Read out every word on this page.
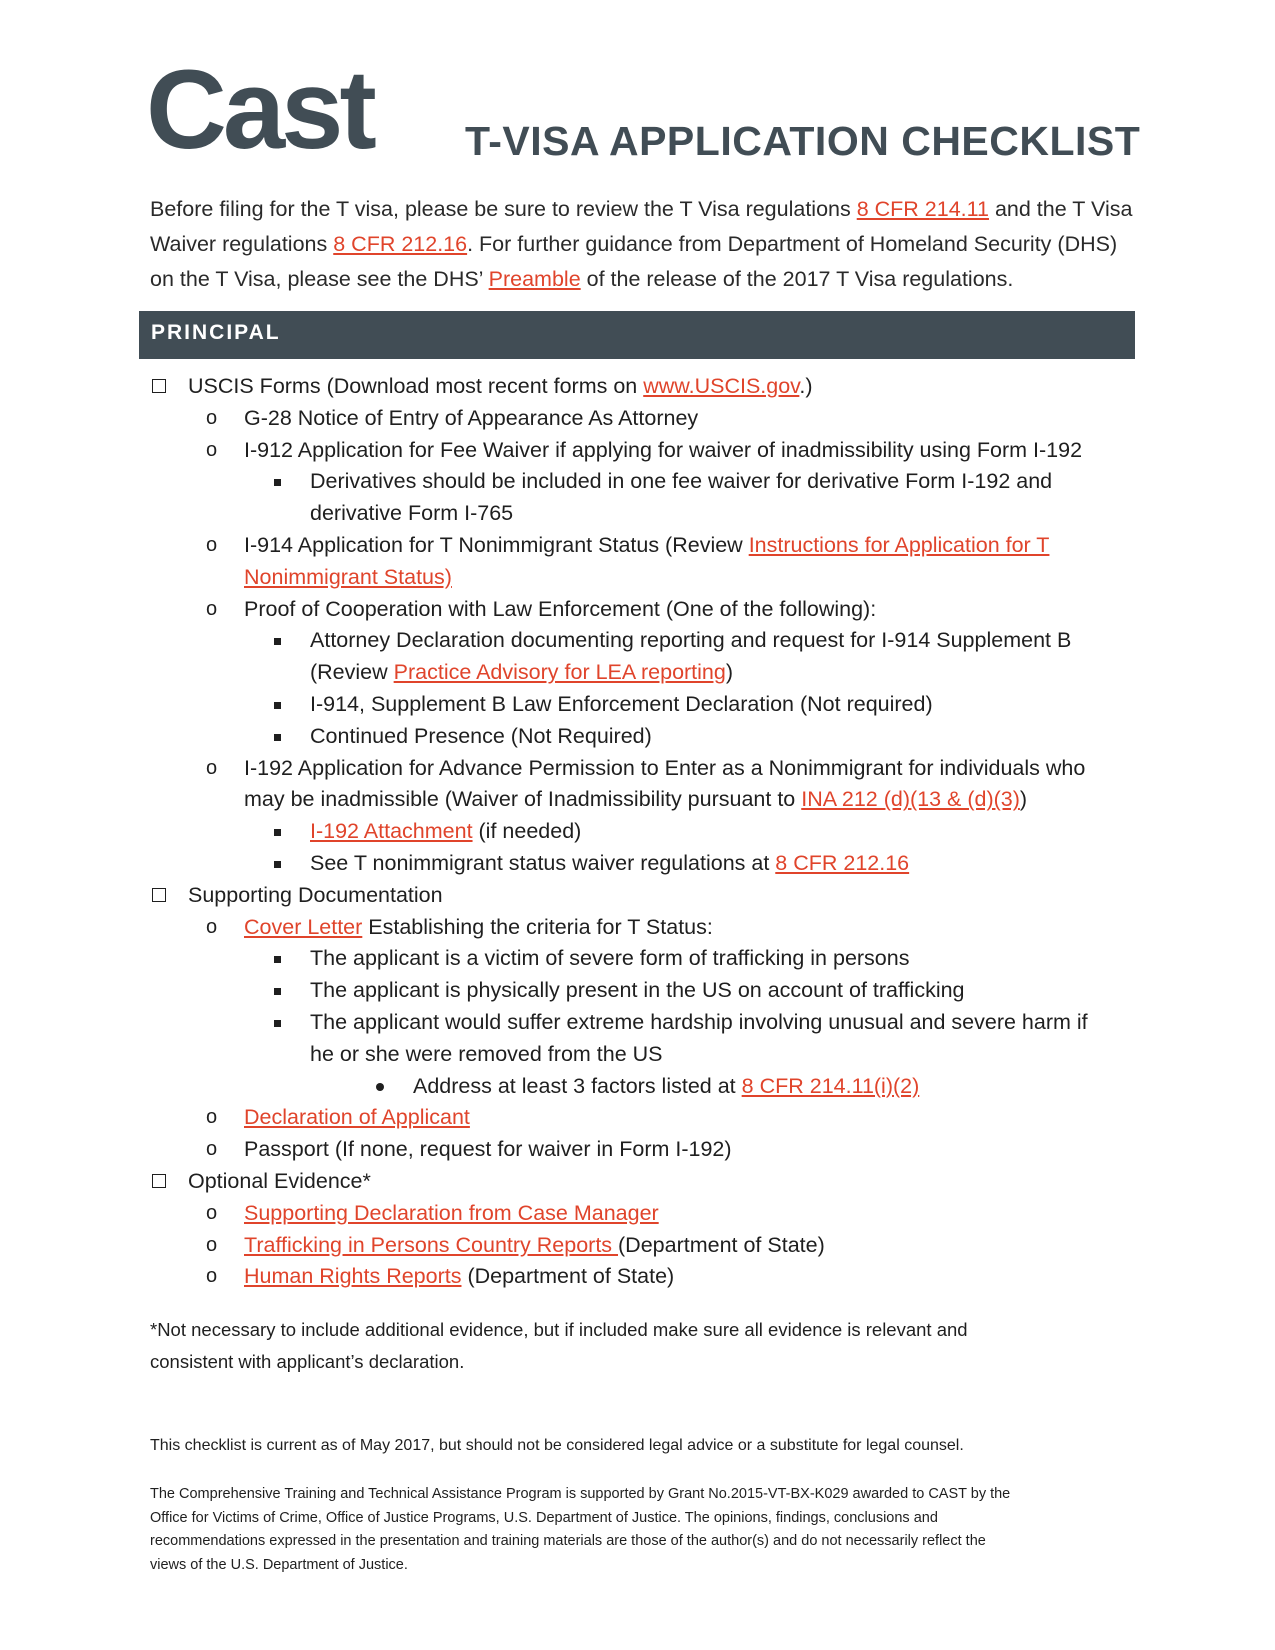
Cast T-VISA APPLICATION CHECKLIST
Before filing for the T visa, please be sure to review the T Visa regulations 8 CFR 214.11 and the T Visa Waiver regulations 8 CFR 212.16. For further guidance from Department of Homeland Security (DHS) on the T Visa, please see the DHS’ Preamble of the release of the 2017 T Visa regulations.
PRINCIPAL
USCIS Forms (Download most recent forms on www.USCIS.gov.)
o G-28 Notice of Entry of Appearance As Attorney
o I-912 Application for Fee Waiver if applying for waiver of inadmissibility using Form I-192
Derivatives should be included in one fee waiver for derivative Form I-192 and
derivative Form I-765
o I-914 Application for T Nonimmigrant Status (Review Instructions for Application for T
Nonimmigrant Status)
o Proof of Cooperation with Law Enforcement (One of the following):
Attorney Declaration documenting reporting and request for I-914 Supplement B
(Review Practice Advisory for LEA reporting)
I-914, Supplement B Law Enforcement Declaration (Not required)
Continued Presence (Not Required)
o I-192 Application for Advance Permission to Enter as a Nonimmigrant for individuals who
may be inadmissible (Waiver of Inadmissibility pursuant to INA 212 (d)(13 & (d)(3))
I-192 Attachment (if needed)
See T nonimmigrant status waiver regulations at 8 CFR 212.16
Supporting Documentation
o Cover Letter Establishing the criteria for T Status:
The applicant is a victim of severe form of trafficking in persons
The applicant is physically present in the US on account of trafficking
The applicant would suffer extreme hardship involving unusual and severe harm if
he or she were removed from the US
Address at least 3 factors listed at 8 CFR 214.11(i)(2)
o Declaration of Applicant
o Passport (If none, request for waiver in Form I-192)
Optional Evidence*
o Supporting Declaration from Case Manager
o Trafficking in Persons Country Reports (Department of State)
o Human Rights Reports (Department of State)
*Not necessary to include additional evidence, but if included make sure all evidence is relevant and
consistent with applicant’s declaration.
This checklist is current as of May 2017, but should not be considered legal advice or a substitute for legal counsel.
The Comprehensive Training and Technical Assistance Program is supported by Grant No.2015-VT-BX-K029 awarded to CAST by the
Office for Victims of Crime, Office of Justice Programs, U.S. Department of Justice. The opinions, findings, conclusions and
recommendations expressed in the presentation and training materials are those of the author(s) and do not necessarily reflect the
views of the U.S. Department of Justice.
